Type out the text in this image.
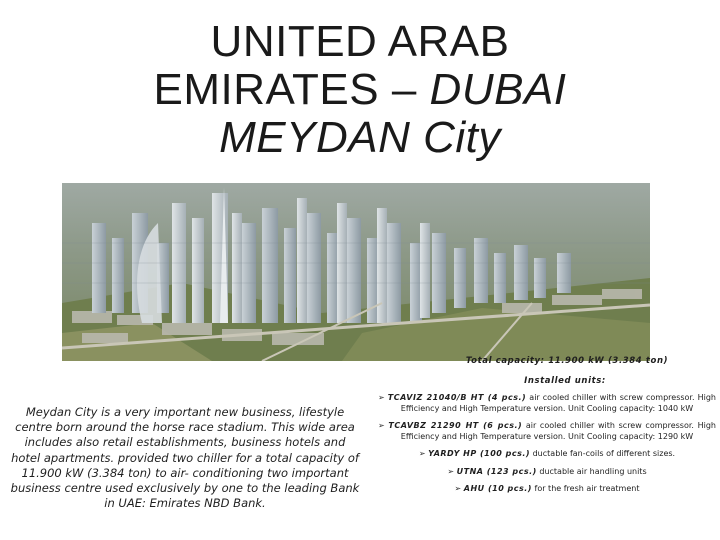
UNITED ARAB
EMIRATES – DUBAI
MEYDAN City
Meydan City is a very important new business, lifestyle centre born around the horse race stadium. This wide area includes also retail establishments, business hotels and hotel apartments. provided two chiller for a total capacity of 11.900 kW (3.384 ton) to air- conditioning two important business centre used exclusively by one to the leading Bank in UAE: Emirates NBD Bank.
Total capacity: 11.900 kW (3.384 ton)
Installed units:
➢ TCAVIZ 21040/B HT (4 pcs.) air cooled chiller with screw compressor. High Efficiency and High Temperature version. Unit Cooling capacity: 1040 kW
➢ TCAVBZ 21290 HT (6 pcs.) air cooled chiller with screw compressor. High Efficiency and High Temperature version. Unit Cooling capacity: 1290 kW
➢ YARDY HP (100 pcs.) ductable fan-coils of different sizes.
➢ UTNA (123 pcs.) ductable air handling units
➢ AHU (10 pcs.) for the fresh air treatment
